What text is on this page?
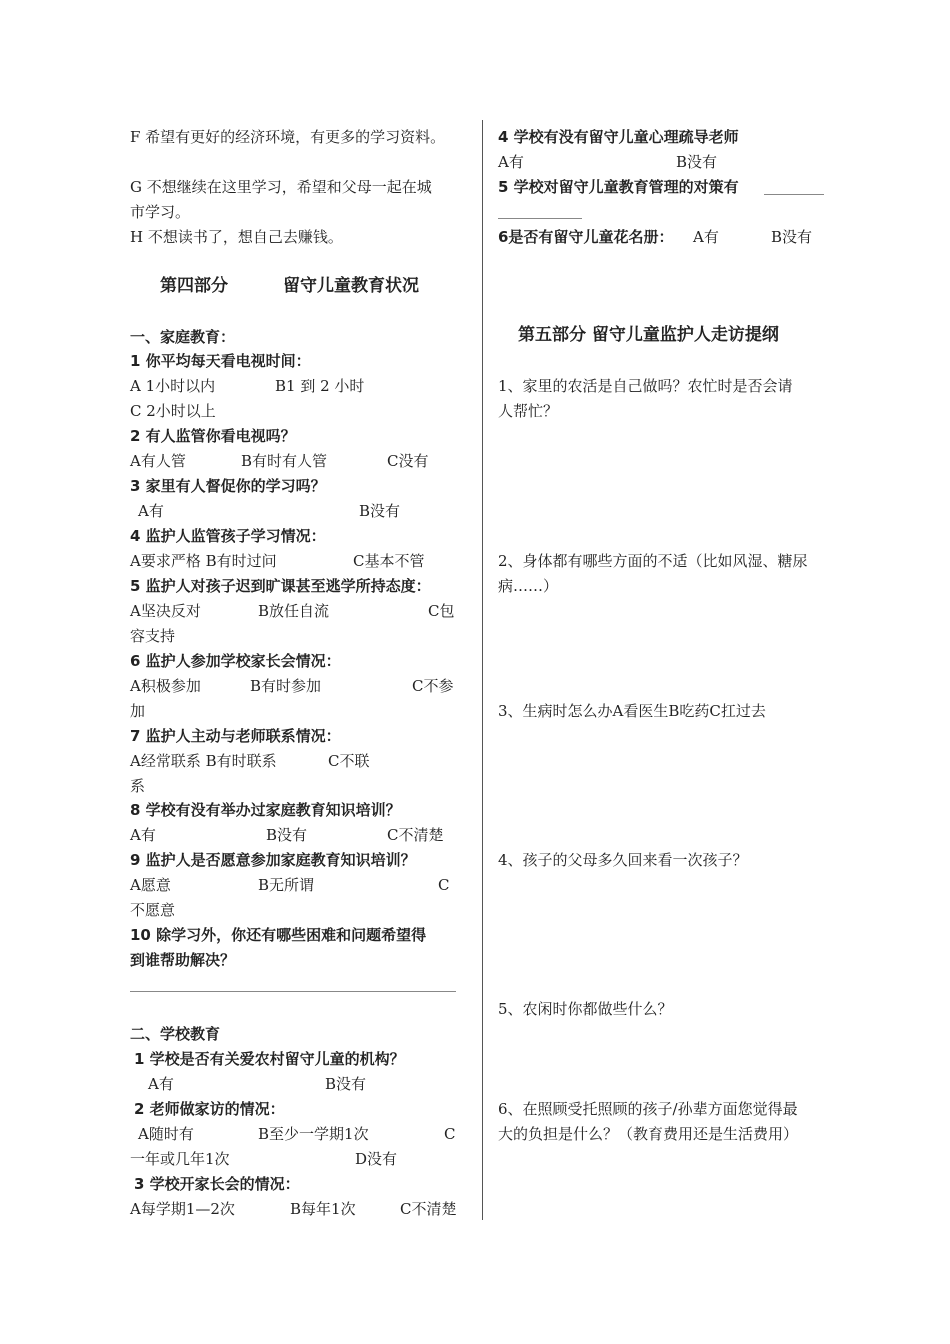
F 希望有更好的经济环境，有更多的学习资料。
G 不想继续在这里学习，希望和父母一起在城
市学习。
H 不想读书了，想自己去赚钱。
第四部分	留守儿童教育状况
一、家庭教育：
1 你平均每天看电视时间：
A 1小时以内	B1 到 2 小时
C 2小时以上
2 有人监管你看电视吗？
A有人管	B有时有人管	C没有
3 家里有人督促你的学习吗？
A有	B没有
4 监护人监管孩子学习情况：
A要求严格 B有时过问	C基本不管
5 监护人对孩子迟到旷课甚至逃学所持态度：
A坚决反对	B放任自流	C包
容支持
6 监护人参加学校家长会情况：
A积极参加	B有时参加	C不参
加
7 监护人主动与老师联系情况：
A经常联系 B有时联系	C不联
系
8 学校有没有举办过家庭教育知识培训？
A有	B没有	C不清楚
9 监护人是否愿意参加家庭教育知识培训？
A愿意	B无所谓	C
不愿意
10 除学习外，你还有哪些困难和问题希望得
到谁帮助解决？
二、学校教育
1 学校是否有关爱农村留守儿童的机构？
A有	B没有
2 老师做家访的情况：
A随时有	B至少一学期1次	C
一年或几年1次	D没有
3 学校开家长会的情况：
A每学期1—2次	B每年1次	C不清楚
4 学校有没有留守儿童心理疏导老师
A有	B没有
5 学校对留守儿童教育管理的对策有
6是否有留守儿童花名册： A有	B没有
第五部分 留守儿童监护人走访提纲
1、家里的农活是自己做吗？农忙时是否会请
人帮忙？
2、身体都有哪些方面的不适（比如风湿、糖尿
病……）
3、生病时怎么办A看医生B吃药C扛过去
4、孩子的父母多久回来看一次孩子？
5、农闲时你都做些什么？
6、在照顾受托照顾的孩子/孙辈方面您觉得最
大的负担是什么？（教育费用还是生活费用）
